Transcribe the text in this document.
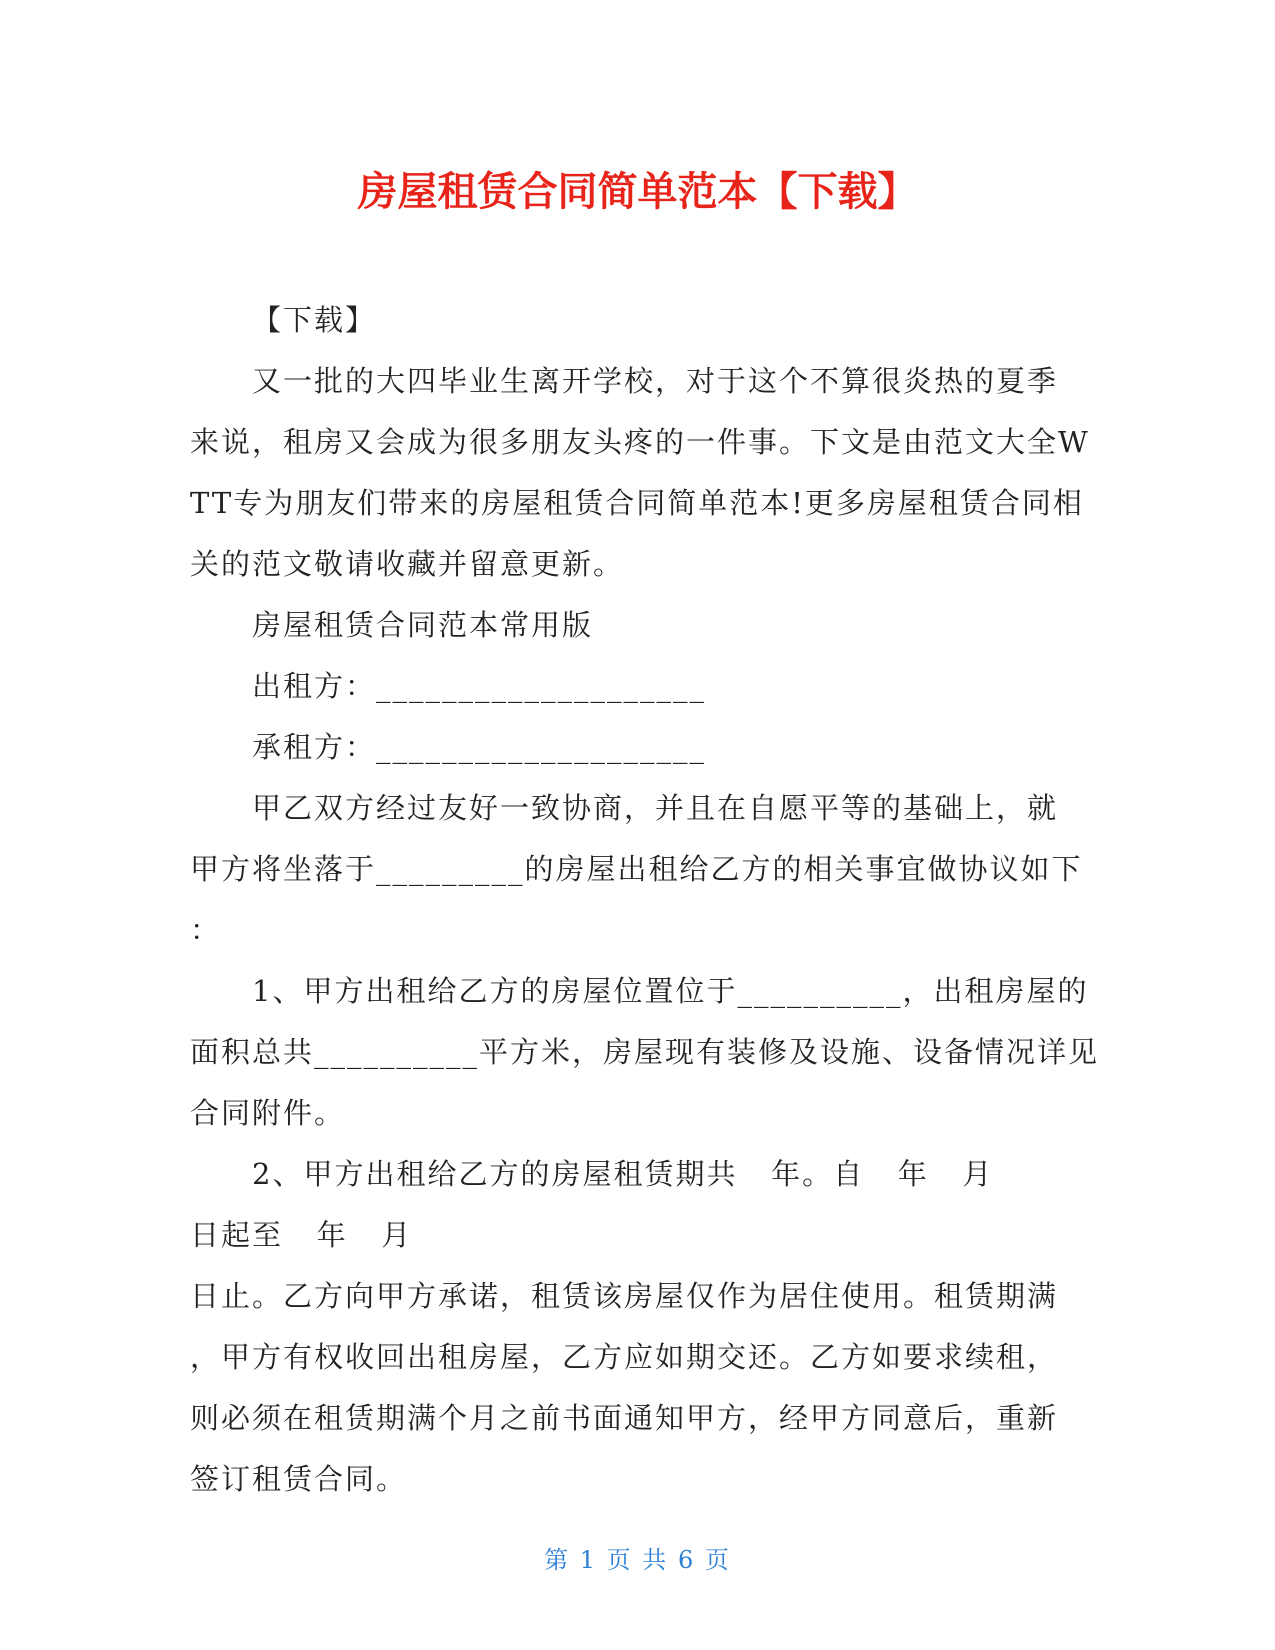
房屋租赁合同简单范本【下载】
【下载】
又一批的大四毕业生离开学校，对于这个不算很炎热的夏季
来说，租房又会成为很多朋友头疼的一件事。下文是由范文大全W
TT专为朋友们带来的房屋租赁合同简单范本!更多房屋租赁合同相
关的范文敬请收藏并留意更新。
房屋租赁合同范本常用版
出租方：____________________
承租方：____________________
甲乙双方经过友好一致协商，并且在自愿平等的基础上，就
甲方将坐落于_________的房屋出租给乙方的相关事宜做协议如下
：
1、甲方出租给乙方的房屋位置位于__________，出租房屋的
面积总共__________平方米，房屋现有装修及设施、设备情况详见
合同附件。
2、甲方出租给乙方的房屋租赁期共   年。自   年   月
日起至   年   月
日止。乙方向甲方承诺，租赁该房屋仅作为居住使用。租赁期满
，甲方有权收回出租房屋，乙方应如期交还。乙方如要求续租，
则必须在租赁期满个月之前书面通知甲方，经甲方同意后，重新
签订租赁合同。
第 1 页 共 6 页
